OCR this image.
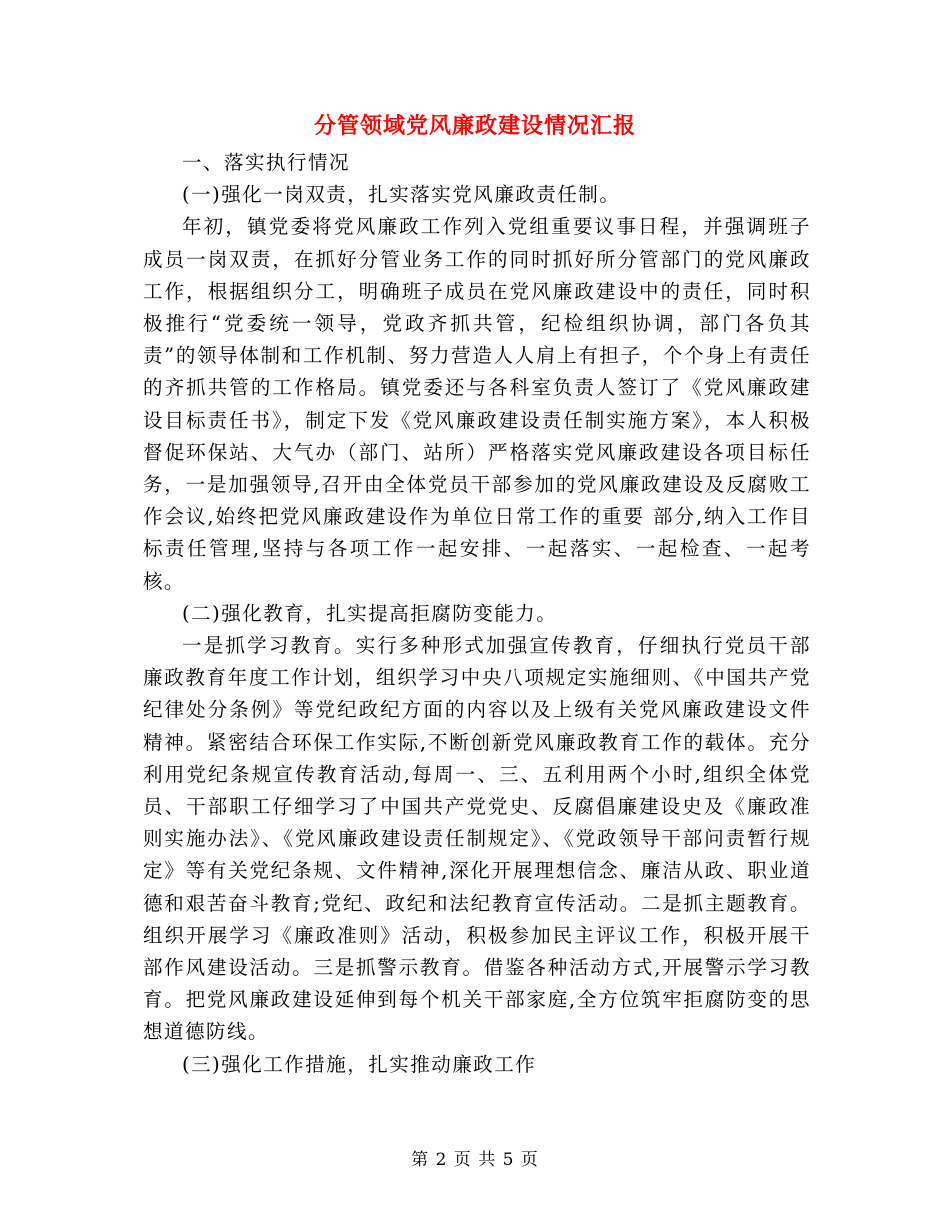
分管领域党风廉政建设情况汇报

一、落实执行情况

(一)强化一岗双责，扎实落实党风廉政责任制。

年初，镇党委将党风廉政工作列入党组重要议事日程，并强调班子成员一岗双责，在抓好分管业务工作的同时抓好所分管部门的党风廉政工作，根据组织分工，明确班子成员在党风廉政建设中的责任，同时积极推行“党委统一领导，党政齐抓共管，纪检组织协调，部门各负其责”的领导体制和工作机制、努力营造人人肩上有担子，个个身上有责任的齐抓共管的工作格局。镇党委还与各科室负责人签订了《党风廉政建设目标责任书》，制定下发《党风廉政建设责任制实施方案》，本人积极督促环保站、大气办（部门、站所）严格落实党风廉政建设各项目标任务，一是加强领导,召开由全体党员干部参加的党风廉政建设及反腐败工作会议,始终把党风廉政建设作为单位日常工作的重要 部分,纳入工作目标责任管理,坚持与各项工作一起安排、一起落实、一起检查、一起考核。

(二)强化教育，扎实提高拒腐防变能力。

一是抓学习教育。实行多种形式加强宣传教育，仔细执行党员干部廉政教育年度工作计划，组织学习中央八项规定实施细则、《中国共产党纪律处分条例》等党纪政纪方面的内容以及上级有关党风廉政建设文件精神。紧密结合环保工作实际,不断创新党风廉政教育工作的载体。充分利用党纪条规宣传教育活动,每周一、三、五利用两个小时,组织全体党员、干部职工仔细学习了中国共产党党史、反腐倡廉建设史及《廉政准则实施办法》、《党风廉政建设责任制规定》、《党政领导干部问责暂行规定》等有关党纪条规、文件精神,深化开展理想信念、廉洁从政、职业道德和艰苦奋斗教育;党纪、政纪和法纪教育宣传活动。二是抓主题教育。组织开展学习《廉政准则》活动，积极参加民主评议工作，积极开展干部作风建设活动。三是抓警示教育。借鉴各种活动方式,开展警示学习教育。把党风廉政建设延伸到每个机关干部家庭,全方位筑牢拒腐防变的思想道德防线。

(三)强化工作措施，扎实推动廉政工作

第 2 页 共 5 页
